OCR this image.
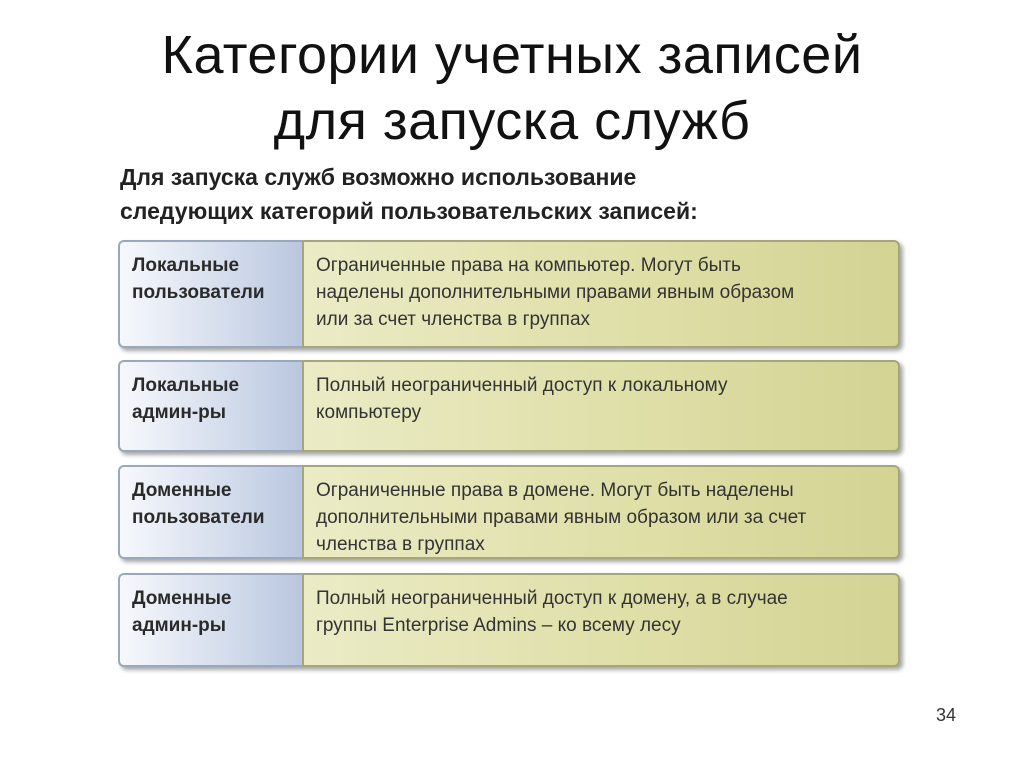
Категории учетных записей
для запуска служб
Для запуска служб возможно использование
следующих категорий пользовательских записей:
Локальные
пользователи
Ограниченные права на компьютер. Могут быть
наделены дополнительными правами явным образом
или за счет членства в группах
Локальные
админ-ры
Полный неограниченный доступ к локальному
компьютеру
Доменные
пользователи
Ограниченные права в домене. Могут быть наделены
дополнительными правами явным образом или за счет
членства в группах
Доменные
админ-ры
Полный неограниченный доступ к домену, а в случае
группы Enterprise Admins – ко всему лесу
34
